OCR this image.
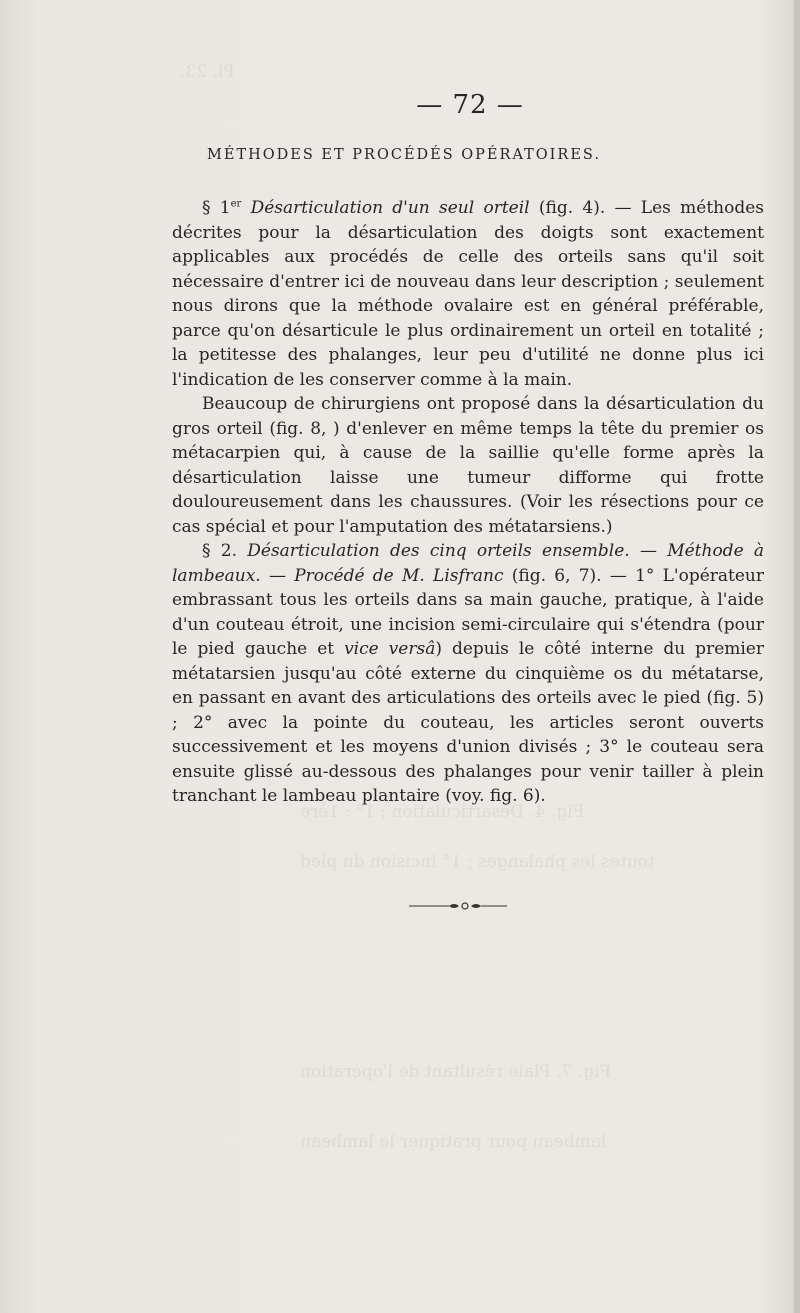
Pl. 23.
Fig. 4. Désarticulation ; 1° : 1ère
toutes les phalanges ; 1° incision du pied
Fig. 7. Plaie résultant de l'opération
lambeau pour pratiquer le lambeau
— 72 —
MÉTHODES ET PROCÉDÉS OPÉRATOIRES.

§ 1er Désarticulation d'un seul orteil (fig. 4). — Les méthodes décrites pour la désarticulation des doigts sont exactement applicables aux procédés de celle des orteils sans qu'il soit nécessaire d'entrer ici de nouveau dans leur description ; seulement nous dirons que la méthode ovalaire est en général préférable, parce qu'on désarticule le plus ordinairement un orteil en totalité ; la petitesse des phalanges, leur peu d'utilité ne donne plus ici l'indication de les conserver comme à la main.

Beaucoup de chirurgiens ont proposé dans la désarticulation du gros orteil (fig. 8, ) d'enlever en même temps la tête du premier os métacarpien qui, à cause de la saillie qu'elle forme après la désarticulation laisse une tumeur difforme qui frotte douloureusement dans les chaussures. (Voir les résections pour ce cas spécial et pour l'amputation des métatarsiens.)

§ 2. Désarticulation des cinq orteils ensemble. — Méthode à lambeaux. — Procédé de M. Lisfranc (fig. 6, 7). — 1° L'opérateur embrassant tous les orteils dans sa main gauche, pratique, à l'aide d'un couteau étroit, une incision semi-circulaire qui s'étendra (pour le pied gauche et vice versâ) depuis le côté interne du premier métatarsien jusqu'au côté externe du cinquième os du métatarse, en passant en avant des articulations des orteils avec le pied (fig. 5) ; 2° avec la pointe du couteau, les articles seront ouverts successivement et les moyens d'union divisés ; 3° le couteau sera ensuite glissé au-dessous des phalanges pour venir tailler à plein tranchant le lambeau plantaire (voy. fig. 6).
